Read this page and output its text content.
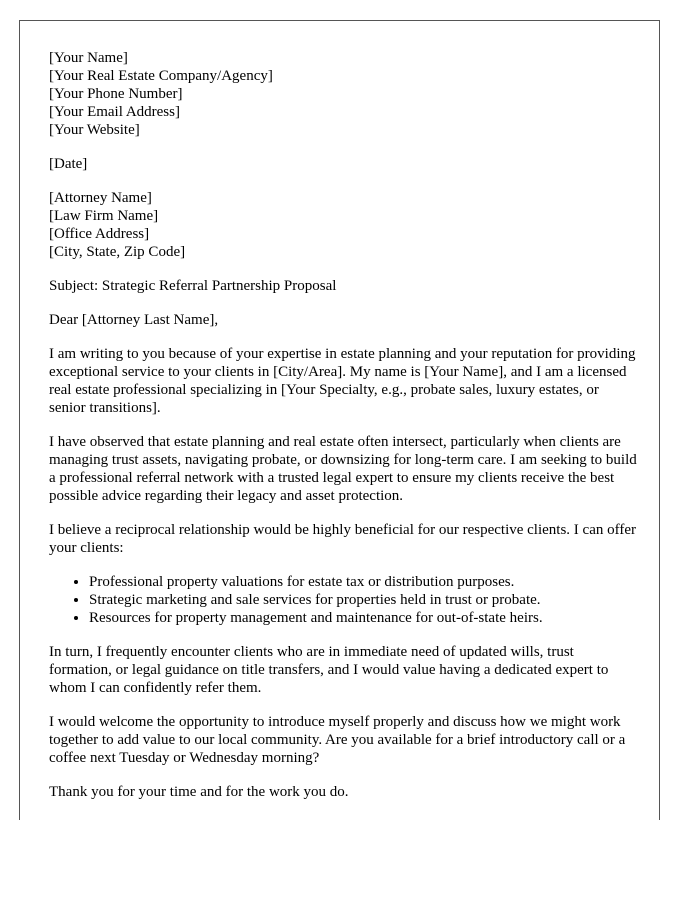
[Your Name]
[Your Real Estate Company/Agency]
[Your Phone Number]
[Your Email Address]
[Your Website]
[Date]
[Attorney Name]
[Law Firm Name]
[Office Address]
[City, State, Zip Code]

Subject: Strategic Referral Partnership Proposal

Dear [Attorney Last Name],

I am writing to you because of your expertise in estate planning and your reputation for providing exceptional service to your clients in [City/Area]. My name is [Your Name], and I am a licensed real estate professional specializing in [Your Specialty, e.g., probate sales, luxury estates, or senior transitions].

I have observed that estate planning and real estate often intersect, particularly when clients are managing trust assets, navigating probate, or downsizing for long-term care. I am seeking to build a professional referral network with a trusted legal expert to ensure my clients receive the best possible advice regarding their legacy and asset protection.

I believe a reciprocal relationship would be highly beneficial for our respective clients. I can offer your clients:

• Professional property valuations for estate tax or distribution purposes.
• Strategic marketing and sale services for properties held in trust or probate.
• Resources for property management and maintenance for out-of-state heirs.

In turn, I frequently encounter clients who are in immediate need of updated wills, trust formation, or legal guidance on title transfers, and I would value having a dedicated expert to whom I can confidently refer them.

I would welcome the opportunity to introduce myself properly and discuss how we might work together to add value to our local community. Are you available for a brief introductory call or a coffee next Tuesday or Wednesday morning?

Thank you for your time and for the work you do.
